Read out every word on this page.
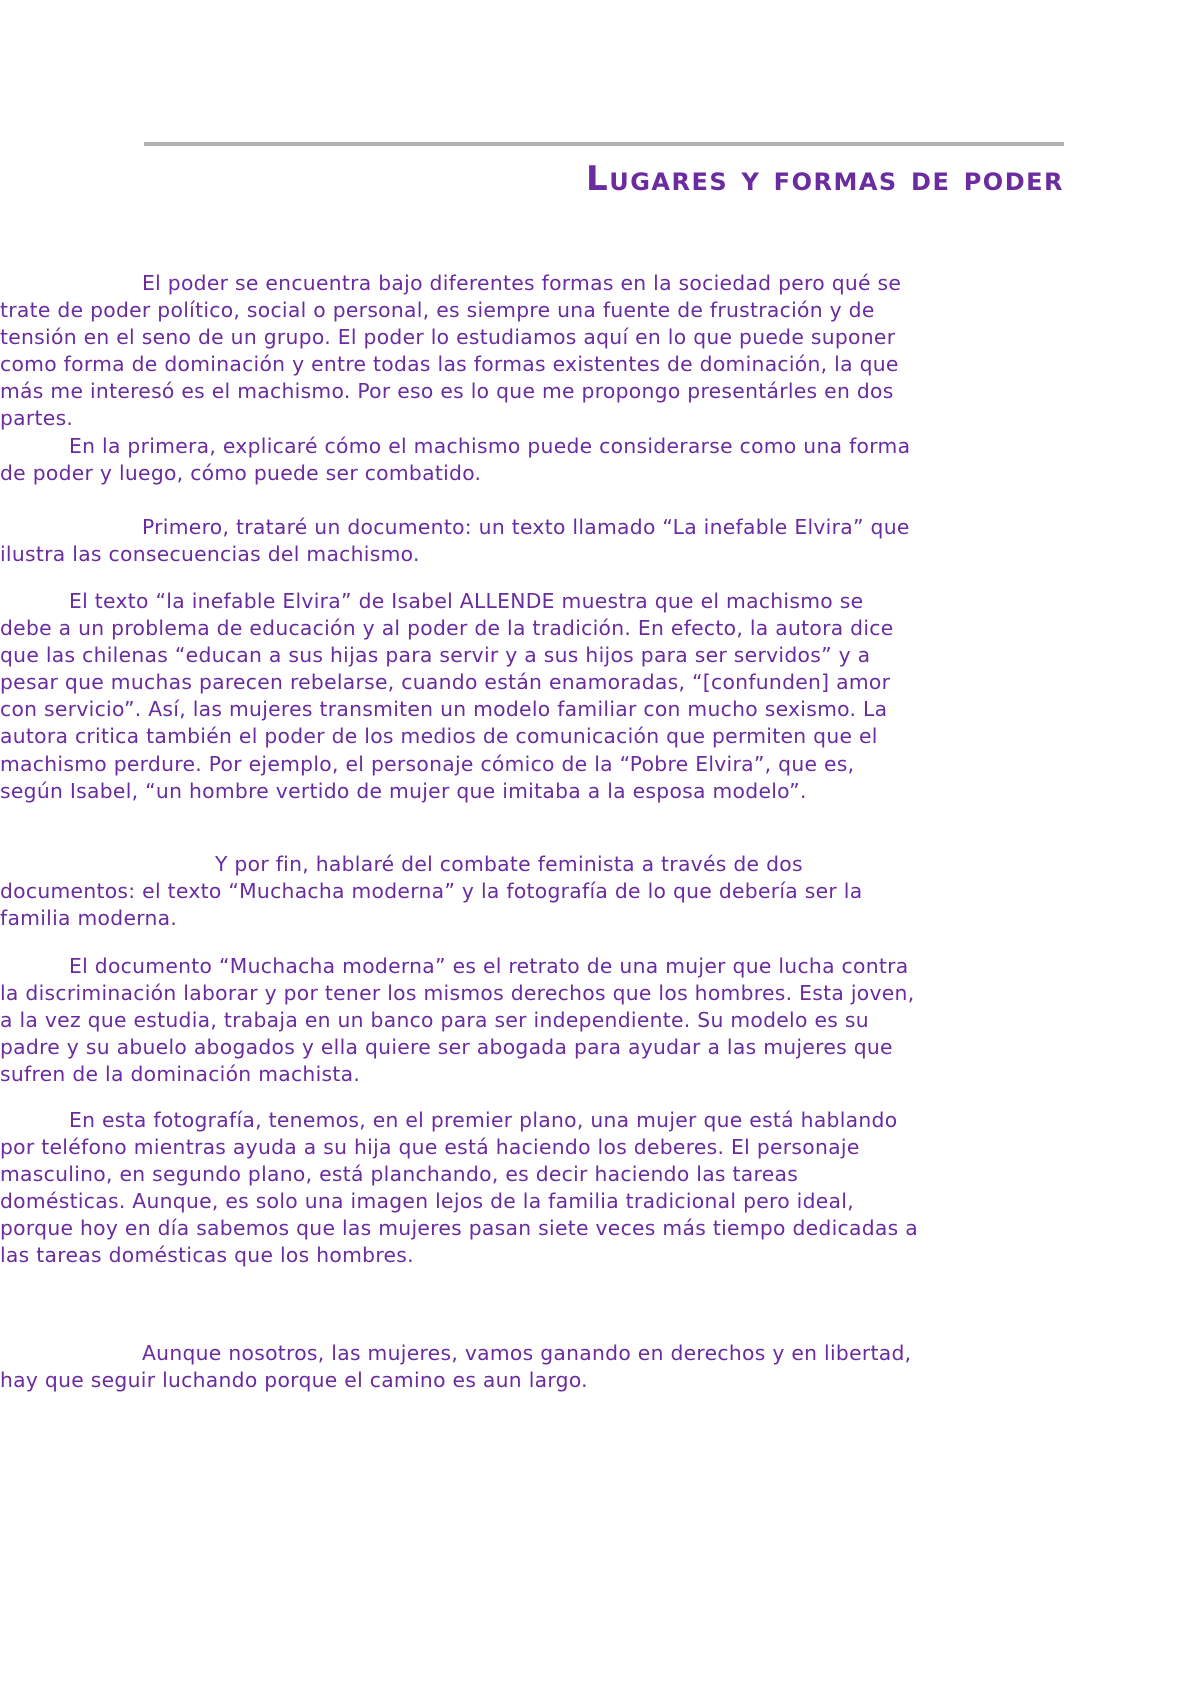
Lugares y formas de poder

El poder se encuentra bajo diferentes formas en la sociedad pero qué se trate de poder político, social o personal, es siempre una fuente de frustración y de tensión en el seno de un grupo. El poder lo estudiamos aquí en lo que puede suponer como forma de dominación y entre todas las formas existentes de dominación, la que más me interesó es el machismo. Por eso es lo que me propongo presentárles en dos partes.

En la primera, explicaré cómo el machismo puede considerarse como una forma de poder y luego, cómo puede ser combatido.

Primero, trataré un documento: un texto llamado “La inefable Elvira” que ilustra las consecuencias del machismo.

El texto “la inefable Elvira” de Isabel ALLENDE muestra que el machismo se debe a un problema de educación y al poder de la tradición. En efecto, la autora dice que las chilenas “educan a sus hijas para servir y a sus hijos para ser servidos” y a pesar que muchas parecen rebelarse, cuando están enamoradas, “[confunden] amor con servicio”. Así, las mujeres transmiten un modelo familiar con mucho sexismo. La autora critica también el poder de los medios de comunicación que permiten que el machismo perdure. Por ejemplo, el personaje cómico de la “Pobre Elvira”, que es, según Isabel, “un hombre vertido de mujer que imitaba a la esposa modelo”.

Y por fin, hablaré del combate feminista a través de dos documentos: el texto “Muchacha moderna” y la fotografía de lo que debería ser la familia moderna.

El documento “Muchacha moderna” es el retrato de una mujer que lucha contra la discriminación laborar y por tener los mismos derechos que los hombres. Esta joven, a la vez que estudia, trabaja en un banco para ser independiente. Su modelo es su padre y su abuelo abogados y ella quiere ser abogada para ayudar a las mujeres que sufren de la dominación machista.

En esta fotografía, tenemos, en el premier plano, una mujer que está hablando por teléfono mientras ayuda a su hija que está haciendo los deberes. El personaje masculino, en segundo plano, está planchando, es decir haciendo las tareas domésticas. Aunque, es solo una imagen lejos de la familia tradicional pero ideal, porque hoy en día sabemos que las mujeres pasan siete veces más tiempo dedicadas a las tareas domésticas que los hombres.

Aunque nosotros, las mujeres, vamos ganando en derechos y en libertad, hay que seguir luchando porque el camino es aun largo.
